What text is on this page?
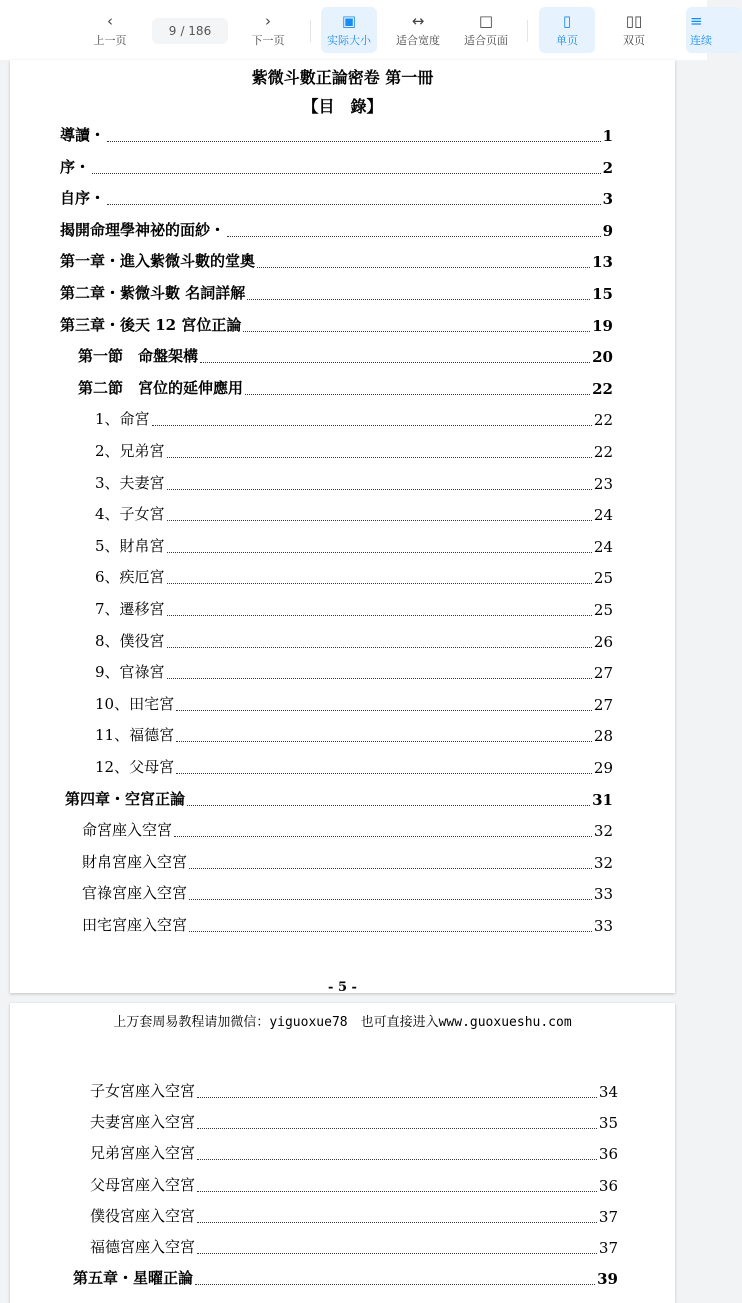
‹
上一页
9 / 186
›
下一页
▣
实际大小
↔
适合宽度
□
适合页面
▯
单页
▯▯
双页
≡
连续
紫微斗數正論密卷 第一冊
【目　錄】
導讀・	1
序・	2
自序・	3
揭開命理學神祕的面紗・	9
第一章・進入紫微斗數的堂奧	13
第二章・紫微斗數 名詞詳解	15
第三章・後天 12 宮位正論	19
第一節　命盤架構	20
第二節　宮位的延伸應用	22
1、命宮	22
2、兄弟宮	22
3、夫妻宮	23
4、子女宮	24
5、財帛宮	24
6、疾厄宮	25
7、遷移宮	25
8、僕役宮	26
9、官祿宮	27
10、田宅宮	27
11、福德宮	28
12、父母宮	29
第四章・空宮正論	31
命宮座入空宮	32
財帛宮座入空宮	32
官祿宮座入空宮	33
田宅宮座入空宮	33
- 5 -
上万套周易教程请加微信：yiguoxue78　也可直接进入www.guoxueshu.com
子女宮座入空宮	34
夫妻宮座入空宮	35
兄弟宮座入空宮	36
父母宮座入空宮	36
僕役宮座入空宮	37
福德宮座入空宮	37
第五章・星曜正論	39
